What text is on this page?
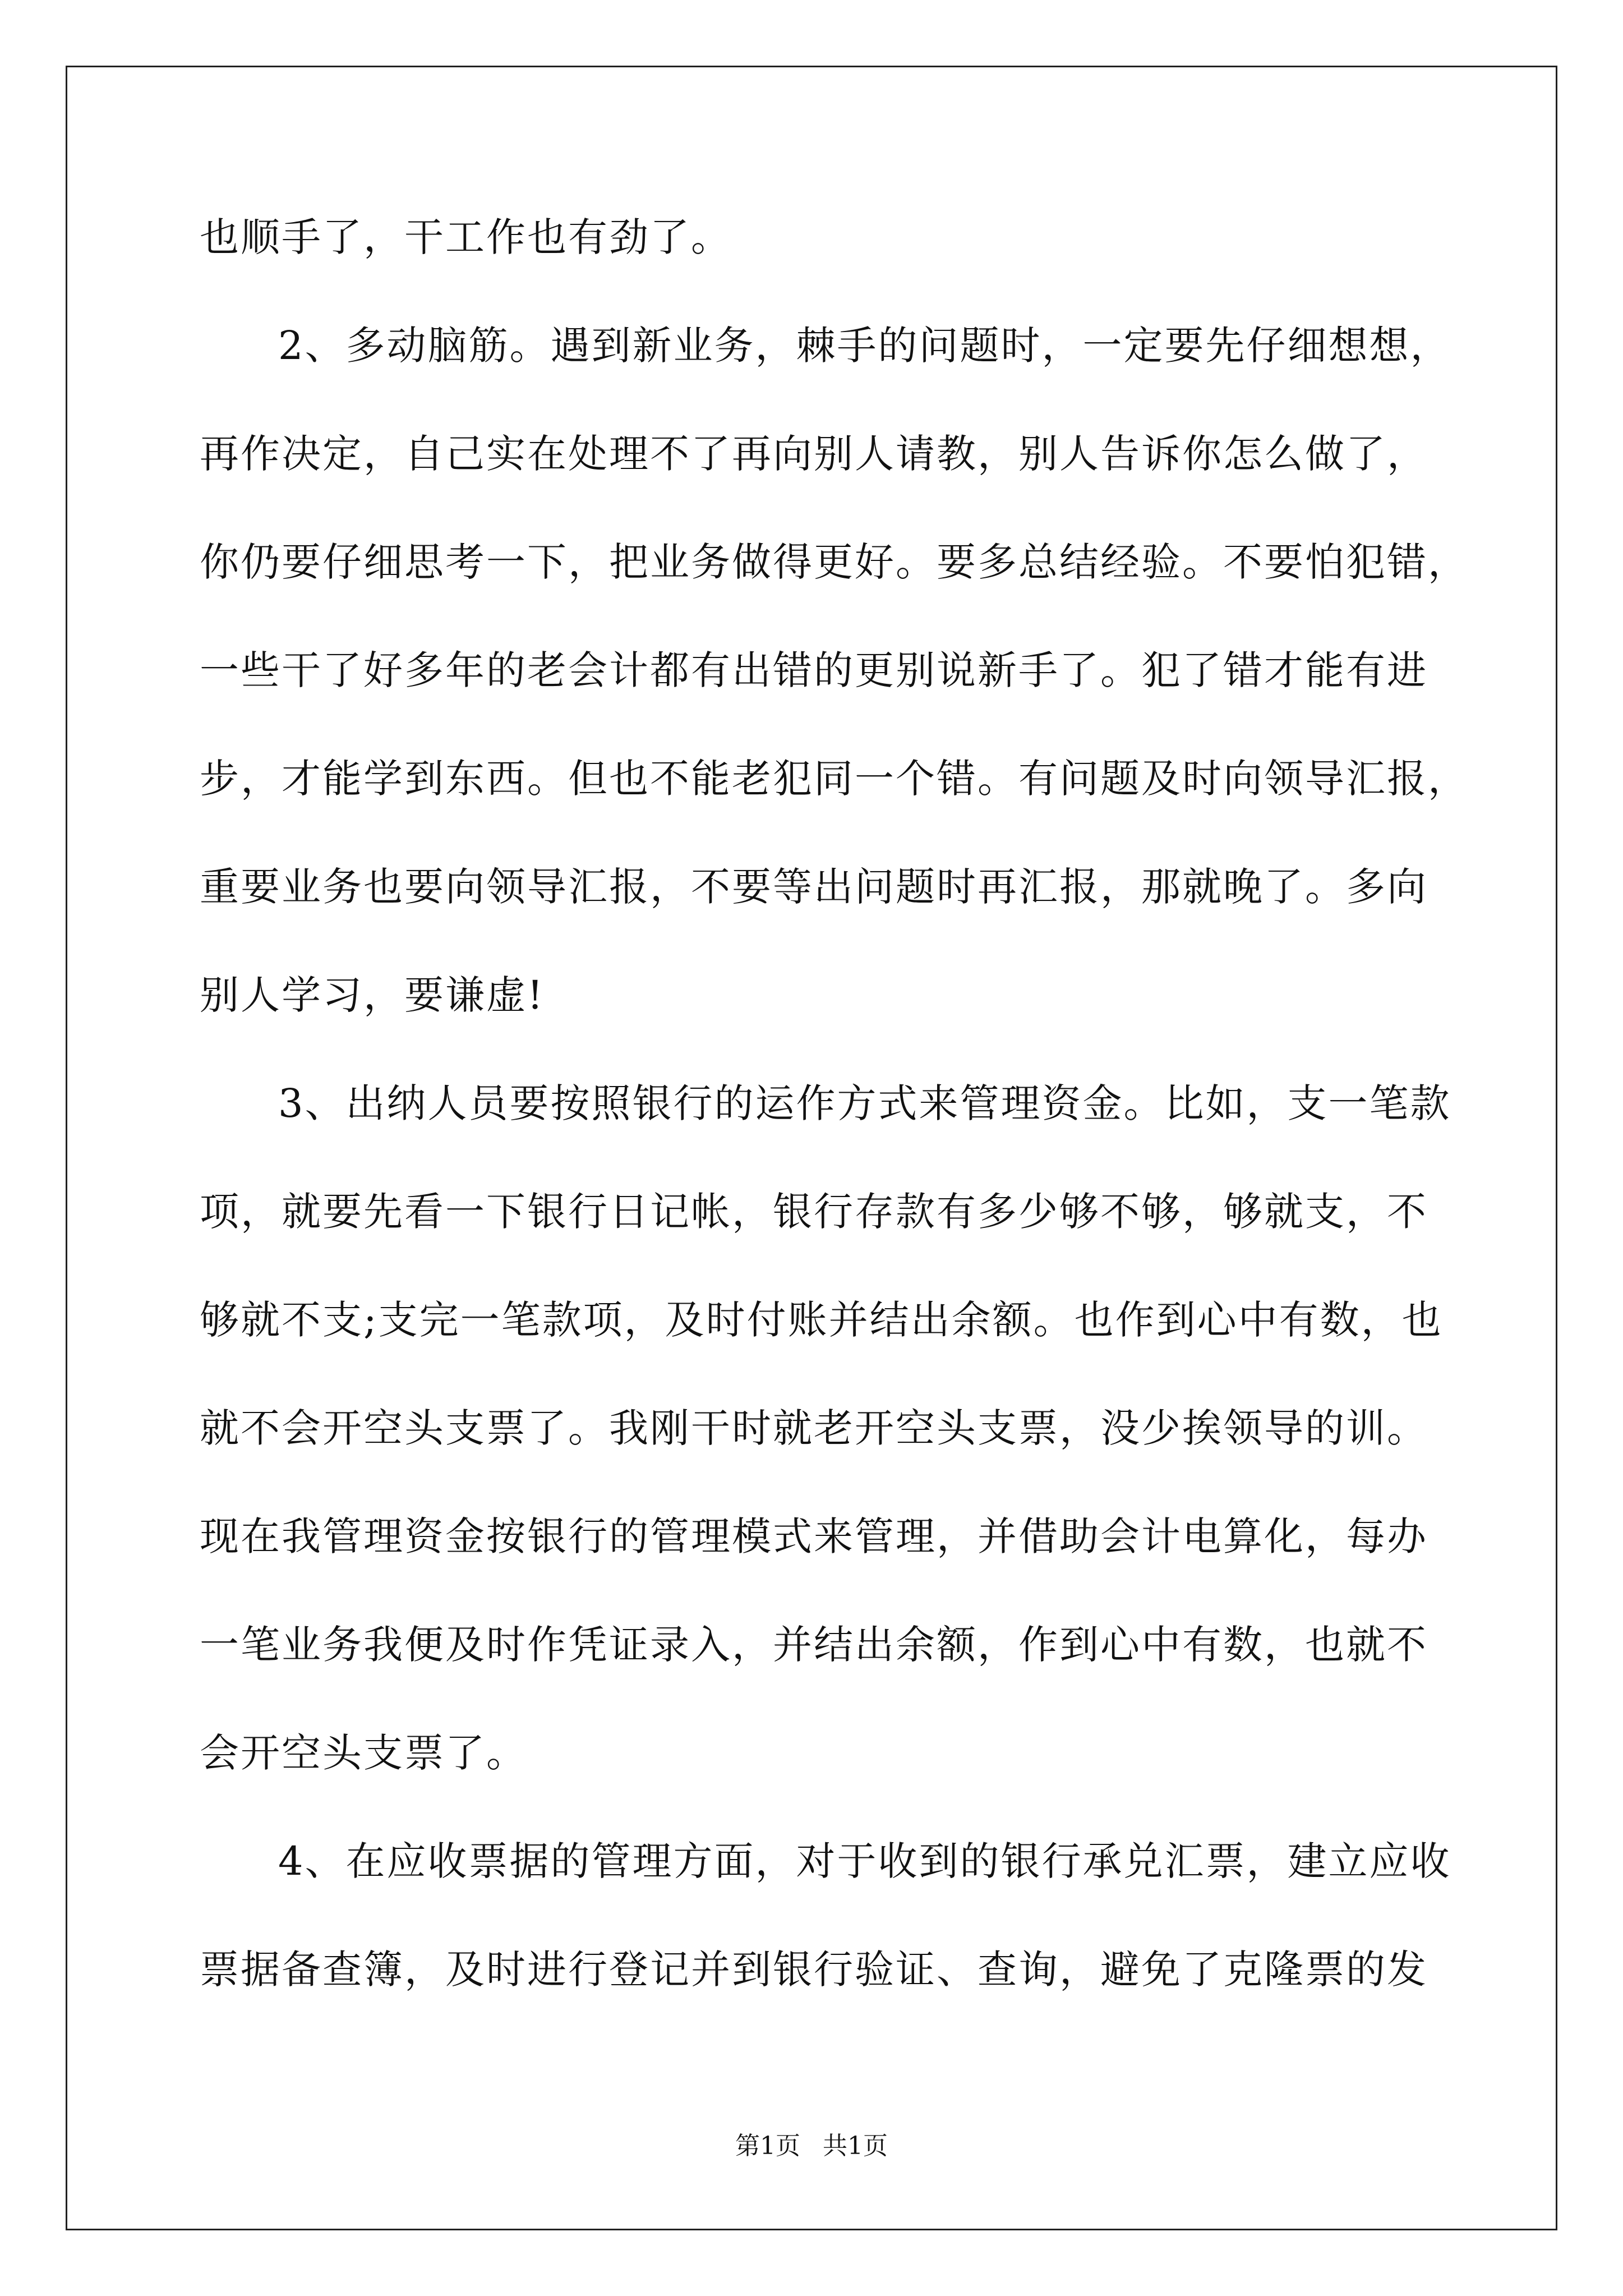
也顺手了，干工作也有劲了。
2、多动脑筋。遇到新业务，棘手的问题时，一定要先仔细想想，
再作决定，自己实在处理不了再向别人请教，别人告诉你怎么做了，
你仍要仔细思考一下，把业务做得更好。要多总结经验。不要怕犯错，
一些干了好多年的老会计都有出错的更别说新手了。犯了错才能有进
步，才能学到东西。但也不能老犯同一个错。有问题及时向领导汇报，
重要业务也要向领导汇报，不要等出问题时再汇报，那就晚了。多向
别人学习，要谦虚!
3、出纳人员要按照银行的运作方式来管理资金。比如，支一笔款
项，就要先看一下银行日记帐，银行存款有多少够不够，够就支，不
够就不支;支完一笔款项，及时付账并结出余额。也作到心中有数，也
就不会开空头支票了。我刚干时就老开空头支票，没少挨领导的训。
现在我管理资金按银行的管理模式来管理，并借助会计电算化，每办
一笔业务我便及时作凭证录入，并结出余额，作到心中有数，也就不
会开空头支票了。
4、在应收票据的管理方面，对于收到的银行承兑汇票，建立应收
票据备查簿，及时进行登记并到银行验证、查询，避免了克隆票的发
第1页 共1页
